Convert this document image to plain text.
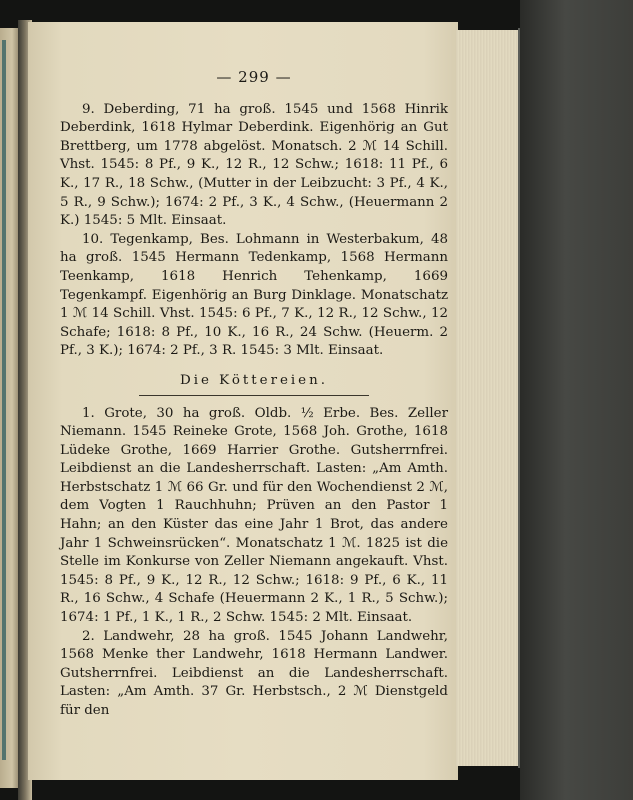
— 299 —

9. Deberding, 71 ha groß. 1545 und 1568 Hinrik Deberdink, 1618 Hylmar Deberdink. Eigenhörig an Gut Brettberg, um 1778 abgelöst. Monatsch. 2 ℳ 14 Schill. Vhst. 1545: 8 Pf., 9 K., 12 R., 12 Schw.; 1618: 11 Pf., 6 K., 17 R., 18 Schw., (Mutter in der Leibzucht: 3 Pf., 4 K., 5 R., 9 Schw.); 1674: 2 Pf., 3 K., 4 Schw., (Heuermann 2 K.) 1545: 5 Mlt. Einsaat.

10. Tegenkamp, Bes. Lohmann in Westerbakum, 48 ha groß. 1545 Hermann Tedenkamp, 1568 Hermann Teenkamp, 1618 Henrich Tehenkamp, 1669 Tegenkampf. Eigenhörig an Burg Dinklage. Monatschatz 1 ℳ 14 Schill. Vhst. 1545: 6 Pf., 7 K., 12 R., 12 Schw., 12 Schafe; 1618: 8 Pf., 10 K., 16 R., 24 Schw. (Heuerm. 2 Pf., 3 K.); 1674: 2 Pf., 3 R. 1545: 3 Mlt. Einsaat.

Die Köttereien.

1. Grote, 30 ha groß. Oldb. ½ Erbe. Bes. Zeller Niemann. 1545 Reineke Grote, 1568 Joh. Grothe, 1618 Lüdeke Grothe, 1669 Harrier Grothe. Gutsherrnfrei. Leibdienst an die Landesherrschaft. Lasten: „Am Amth. Herbstschatz 1 ℳ 66 Gr. und für den Wochendienst 2 ℳ, dem Vogten 1 Rauchhuhn; Prüven an den Pastor 1 Hahn; an den Küster das eine Jahr 1 Brot, das andere Jahr 1 Schweinsrücken“. Monatschatz 1 ℳ. 1825 ist die Stelle im Konkurse von Zeller Niemann angekauft. Vhst. 1545: 8 Pf., 9 K., 12 R., 12 Schw.; 1618: 9 Pf., 6 K., 11 R., 16 Schw., 4 Schafe (Heuermann 2 K., 1 R., 5 Schw.); 1674: 1 Pf., 1 K., 1 R., 2 Schw. 1545: 2 Mlt. Einsaat.

2. Landwehr, 28 ha groß. 1545 Johann Landwehr, 1568 Menke ther Landwehr, 1618 Hermann Landwer. Gutsherrnfrei. Leibdienst an die Landesherrschaft. Lasten: „Am Amth. 37 Gr. Herbstsch., 2 ℳ Dienstgeld für den
